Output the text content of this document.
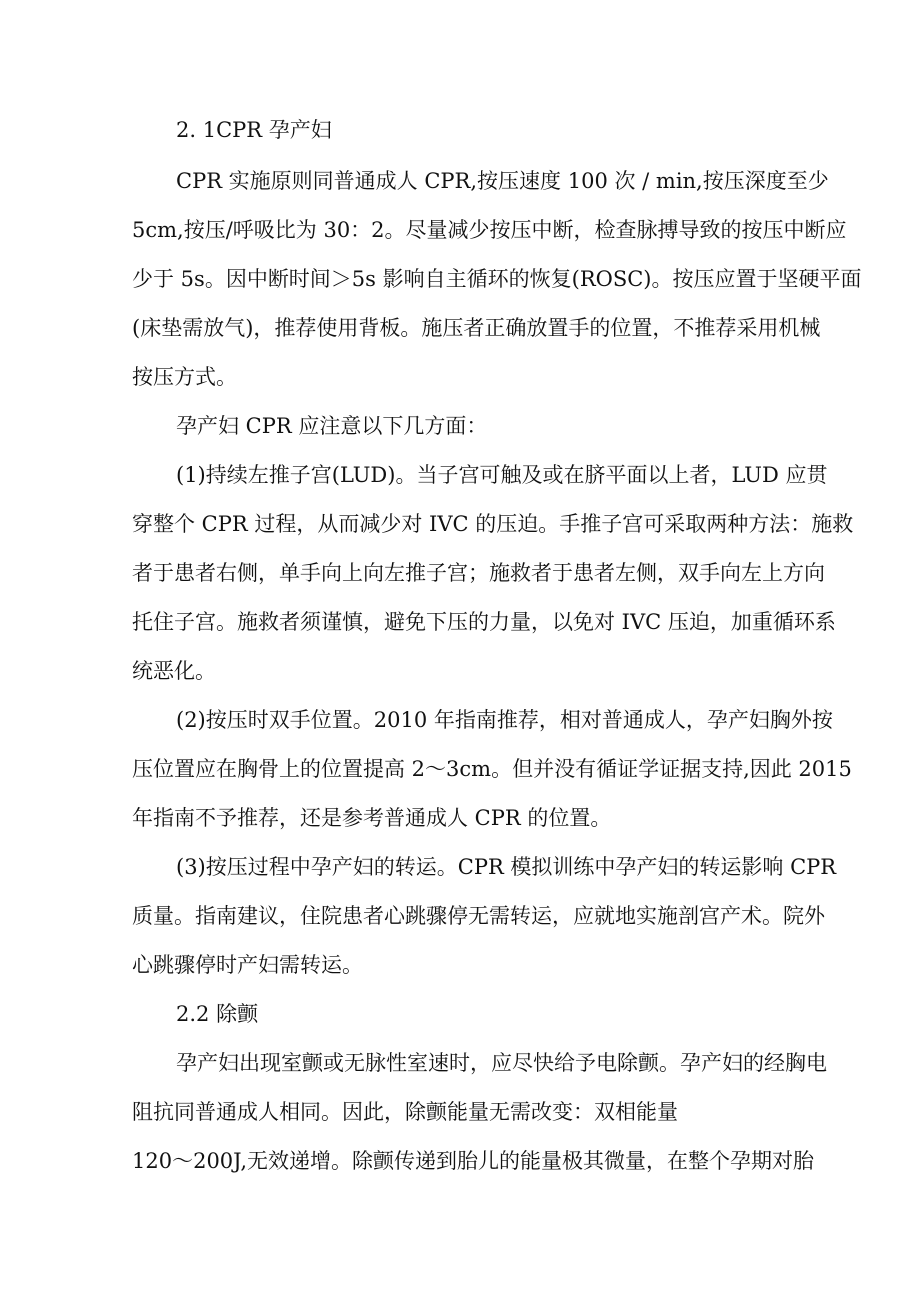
2. 1CPR 孕产妇

CPR 实施原则同普通成人 CPR,按压速度 100 次 / min,按压深度至少

5cm,按压/呼吸比为 30：2。尽量减少按压中断，检查脉搏导致的按压中断应

少于 5s。因中断时间＞5s 影响自主循环的恢复(ROSC)。按压应置于坚硬平面

(床垫需放气)，推荐使用背板。施压者正确放置手的位置，不推荐采用机械

按压方式。

孕产妇 CPR 应注意以下几方面：

(1)持续左推子宫(LUD)。当子宫可触及或在脐平面以上者，LUD 应贯

穿整个 CPR 过程，从而减少对 IVC 的压迫。手推子宫可采取两种方法：施救

者于患者右侧，单手向上向左推子宫；施救者于患者左侧，双手向左上方向

托住子宫。施救者须谨慎，避免下压的力量，以免对 IVC 压迫，加重循环系

统恶化。

(2)按压时双手位置。2010 年指南推荐，相对普通成人，孕产妇胸外按

压位置应在胸骨上的位置提高 2～3cm。但并没有循证学证据支持,因此 2015

年指南不予推荐，还是参考普通成人 CPR 的位置。

(3)按压过程中孕产妇的转运。CPR 模拟训练中孕产妇的转运影响 CPR

质量。指南建议，住院患者心跳骤停无需转运，应就地实施剖宫产术。院外

心跳骤停时产妇需转运。

2.2 除颤

孕产妇出现室颤或无脉性室速时，应尽快给予电除颤。孕产妇的经胸电

阻抗同普通成人相同。因此，除颤能量无需改变：双相能量

120～200J,无效递增。除颤传递到胎儿的能量极其微量，在整个孕期对胎
